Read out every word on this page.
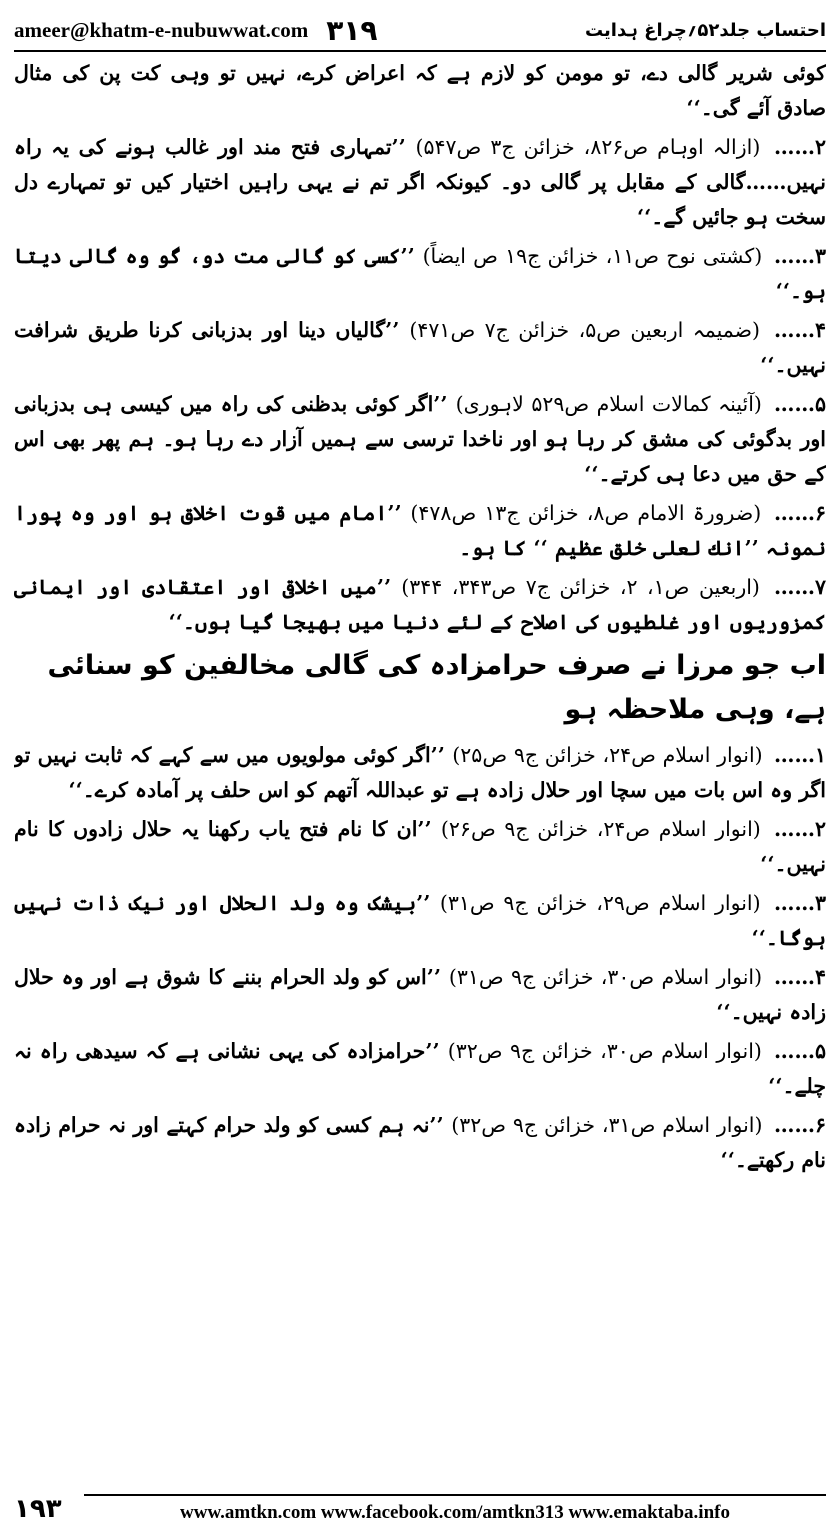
ameer@khatm-e-nubuwwat.com ۳۱۹	احتساب جلد۵۲؍چراغ ہدایت
کوئی شریر گالی دے، تو مومن کو لازم ہے کہ اعراض کرے، نہیں تو وہی کت پن کی مثال صادق آئے گی۔‘‘
۲…… (ازالہ اوہام ص۸۲۶، خزائن ج۳ ص۵۴۷) ’’تمہاری فتح مند اور غالب ہونے کی یہ راہ نہیں……گالی کے مقابل پر گالی دو۔ کیونکہ اگر تم نے یہی راہیں اختیار کیں تو تمہارے دل سخت ہو جائیں گے۔‘‘
۳…… (کشتی نوح ص۱۱، خزائن ج۱۹ ص ایضاً) ’’کسی کو گالی مت دو، گو وہ گالی دیتا ہو۔‘‘
۴…… (ضمیمہ اربعین ص۵، خزائن ج۷ ص۴۷۱) ’’گالیاں دینا اور بدزبانی کرنا طریق شرافت نہیں۔‘‘
۵…… (آئینہ کمالات اسلام ص۵۲۹ لاہوری) ’’اگر کوئی بدظنی کی راہ میں کیسی ہی بدزبانی اور بدگوئی کی مشق کر رہا ہو اور ناخدا ترسی سے ہمیں آزار دے رہا ہو۔ ہم پھر بھی اس کے حق میں دعا ہی کرتے۔‘‘
۶…… (ضرورۃ الامام ص۸، خزائن ج۱۳ ص۴۷۸) ’’امام میں قوت اخلاق ہو اور وہ پورا نمونہ ’’انك لعلی خلق عظيم ‘‘ کا ہو۔
۷…… (اربعین ص۱، ۲، خزائن ج۷ ص۳۴۳، ۳۴۴) ’’میں اخلاقی اور اعتقادی اور ایمانی کمزوریوں اور غلطیوں کی اصلاح کے لئے دنیا میں بھیجا گیا ہوں۔‘‘
اب جو مرزا نے صرف حرامزادہ کی گالی مخالفین کو سنائی ہے، وہی ملاحظہ ہو
۱…… (انوار اسلام ص۲۴، خزائن ج۹ ص۲۵) ’’اگر کوئی مولویوں میں سے کہے کہ ثابت نہیں تو اگر وہ اس بات میں سچا اور حلال زادہ ہے تو عبداللہ آتھم کو اس حلف پر آمادہ کرے۔‘‘
۲…… (انوار اسلام ص۲۴، خزائن ج۹ ص۲۶) ’’ان کا نام فتح یاب رکھنا یہ حلال زادوں کا نام نہیں۔‘‘
۳…… (انوار اسلام ص۲۹، خزائن ج۹ ص۳۱) ’’بیشک وہ ولد الحلال اور نیک ذات نہیں ہوگا۔‘‘
۴…… (انوار اسلام ص۳۰، خزائن ج۹ ص۳۱) ’’اس کو ولد الحرام بننے کا شوق ہے اور وہ حلال زادہ نہیں۔‘‘
۵…… (انوار اسلام ص۳۰، خزائن ج۹ ص۳۲) ’’حرامزادہ کی یہی نشانی ہے کہ سیدھی راہ نہ چلے۔‘‘
۶…… (انوار اسلام ص۳۱، خزائن ج۹ ص۳۲) ’’نہ ہم کسی کو ولد حرام کہتے اور نہ حرام زادہ نام رکھتے۔‘‘
۱۹۳	www.amtkn.com www.facebook.com/amtkn313 www.emaktaba.info
